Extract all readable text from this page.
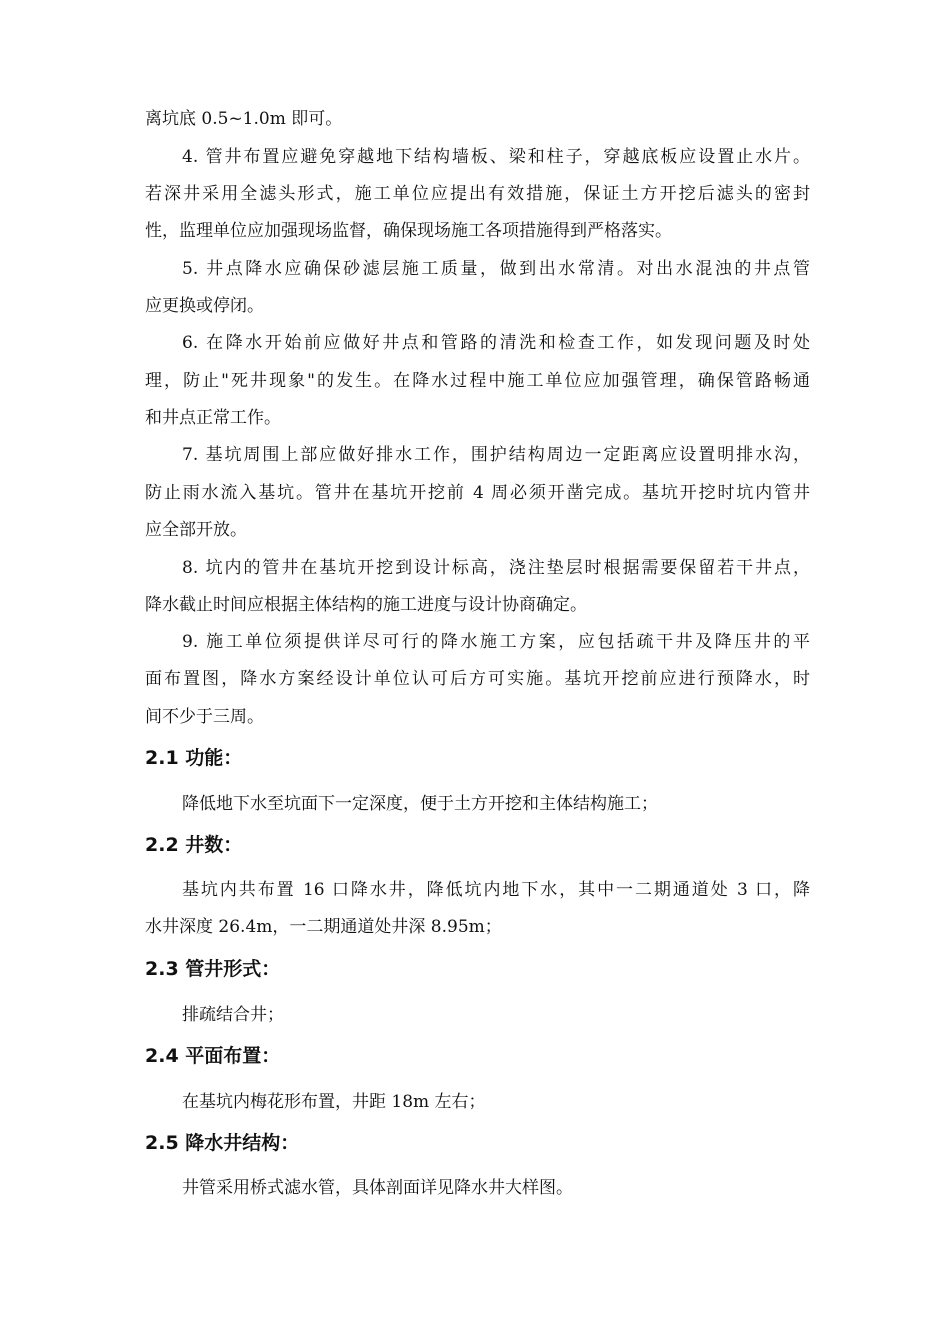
离坑底 0.5~1.0m 即可。
4. 管井布置应避免穿越地下结构墙板、梁和柱子，穿越底板应设置止水片。
若深井采用全滤头形式，施工单位应提出有效措施，保证土方开挖后滤头的密封
性，监理单位应加强现场监督，确保现场施工各项措施得到严格落实。
5. 井点降水应确保砂滤层施工质量，做到出水常清。对出水混浊的井点管
应更换或停闭。
6. 在降水开始前应做好井点和管路的清洗和检查工作，如发现问题及时处
理，防止"死井现象"的发生。在降水过程中施工单位应加强管理，确保管路畅通
和井点正常工作。
7. 基坑周围上部应做好排水工作，围护结构周边一定距离应设置明排水沟，
防止雨水流入基坑。管井在基坑开挖前 4 周必须开凿完成。基坑开挖时坑内管井
应全部开放。
8. 坑内的管井在基坑开挖到设计标高，浇注垫层时根据需要保留若干井点，
降水截止时间应根据主体结构的施工进度与设计协商确定。
9. 施工单位须提供详尽可行的降水施工方案，应包括疏干井及降压井的平
面布置图，降水方案经设计单位认可后方可实施。基坑开挖前应进行预降水，时
间不少于三周。
2.1 功能：
降低地下水至坑面下一定深度，便于土方开挖和主体结构施工；
2.2 井数：
基坑内共布置 16 口降水井，降低坑内地下水，其中一二期通道处 3 口，降
水井深度 26.4m，一二期通道处井深 8.95m；
2.3 管井形式：
排疏结合井；
2.4 平面布置：
在基坑内梅花形布置，井距 18m 左右；
2.5 降水井结构：
井管采用桥式滤水管，具体剖面详见降水井大样图。
